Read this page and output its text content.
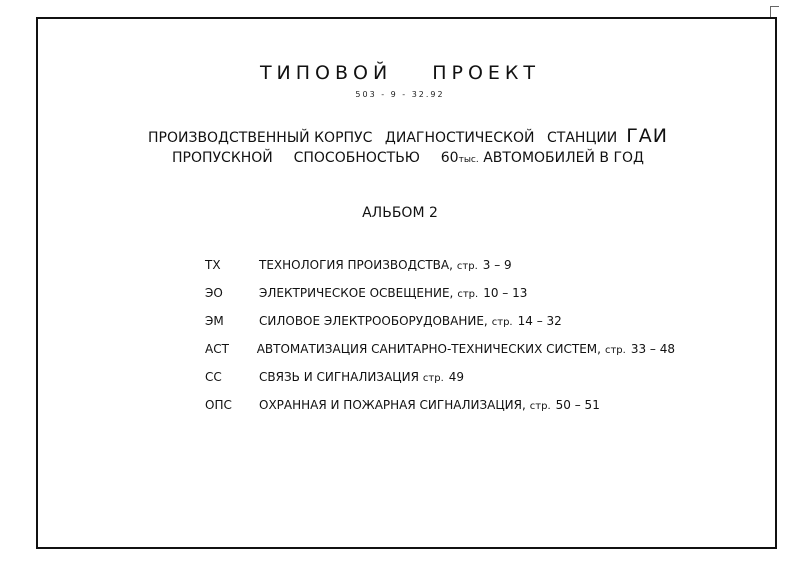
ТИПОВОЙ ПРОЕКТ
503 - 9 - 32.92
ПРОИЗВОДСТВЕННЫЙ КОРПУС ДИАГНОСТИЧЕСКОЙ СТАНЦИИ ГАИ
ПРОПУСКНОЙ СПОСОБНОСТЬЮ 60тыс. АВТОМОБИЛЕЙ В ГОД
АЛЬБОМ 2
ТХ	ТЕХНОЛОГИЯ ПРОИЗВОДСТВА, стр. 3 – 9
ЭО	ЭЛЕКТРИЧЕСКОЕ ОСВЕЩЕНИЕ, стр. 10 – 13
ЭМ	СИЛОВОЕ ЭЛЕКТРООБОРУДОВАНИЕ, стр. 14 – 32
АСТ	АВТОМАТИЗАЦИЯ САНИТАРНО-ТЕХНИЧЕСКИХ СИСТЕМ, стр. 33 – 48
СС	СВЯЗЬ И СИГНАЛИЗАЦИЯ стр. 49
ОПС	ОХРАННАЯ И ПОЖАРНАЯ СИГНАЛИЗАЦИЯ, стр. 50 – 51
